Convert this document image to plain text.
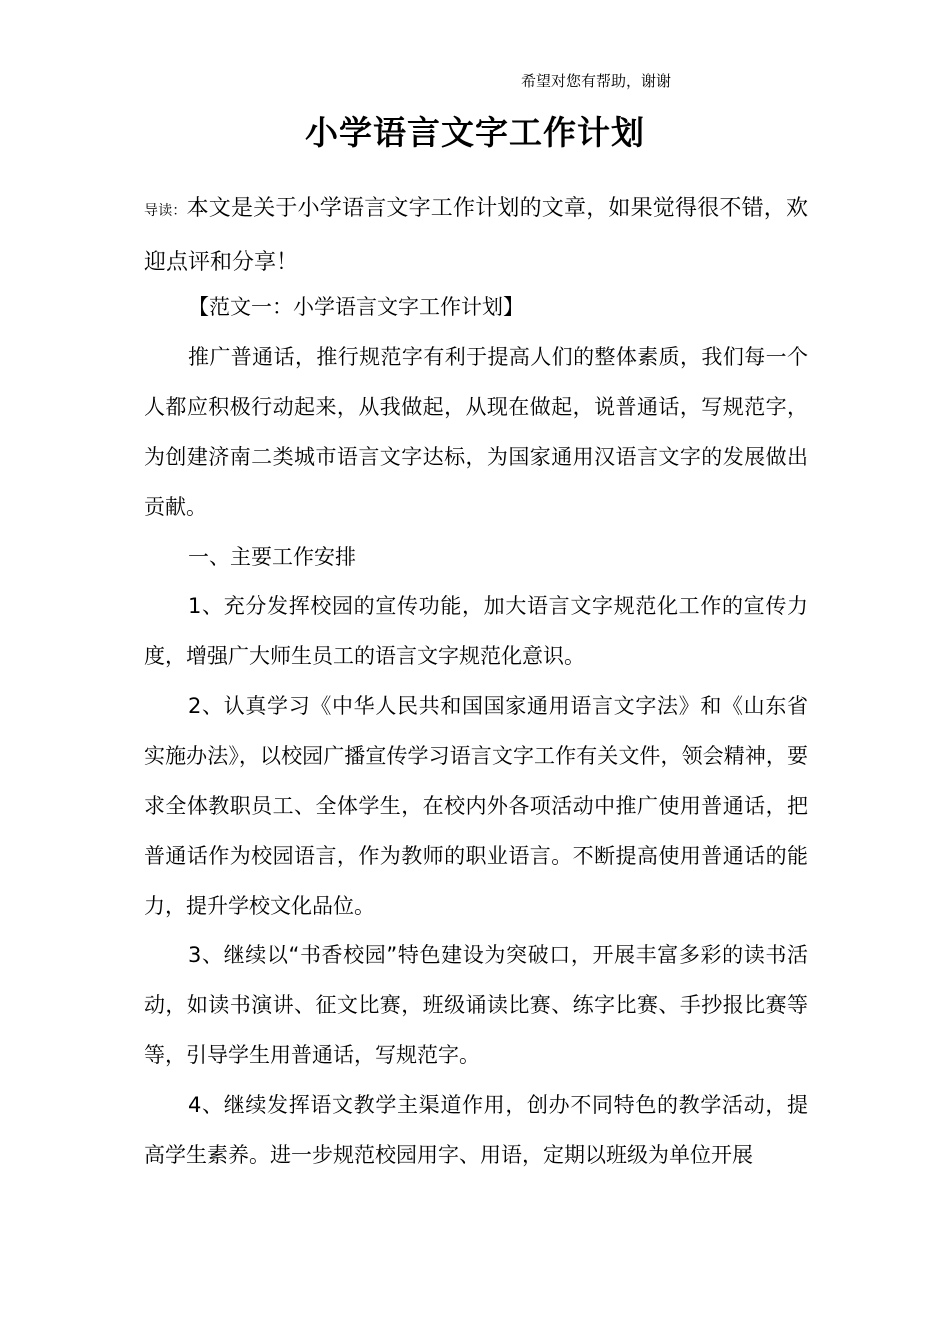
希望对您有帮助，谢谢
小学语言文字工作计划
导读：本文是关于小学语言文字工作计划的文章，如果觉得很不错，欢迎点评和分享！

【范文一：小学语言文字工作计划】

推广普通话，推行规范字有利于提高人们的整体素质，我们每一个人都应积极行动起来，从我做起，从现在做起，说普通话，写规范字，为创建济南二类城市语言文字达标，为国家通用汉语言文字的发展做出贡献。

一、主要工作安排

1、充分发挥校园的宣传功能，加大语言文字规范化工作的宣传力度，增强广大师生员工的语言文字规范化意识。

2、认真学习《中华人民共和国国家通用语言文字法》和《山东省实施办法》，以校园广播宣传学习语言文字工作有关文件，领会精神，要求全体教职员工、全体学生，在校内外各项活动中推广使用普通话，把普通话作为校园语言，作为教师的职业语言。不断提高使用普通话的能力，提升学校文化品位。

3、继续以“书香校园”特色建设为突破口，开展丰富多彩的读书活动，如读书演讲、征文比赛，班级诵读比赛、练字比赛、手抄报比赛等等，引导学生用普通话，写规范字。

4、继续发挥语文教学主渠道作用，创办不同特色的教学活动，提高学生素养。进一步规范校园用字、用语，定期以班级为单位开展
